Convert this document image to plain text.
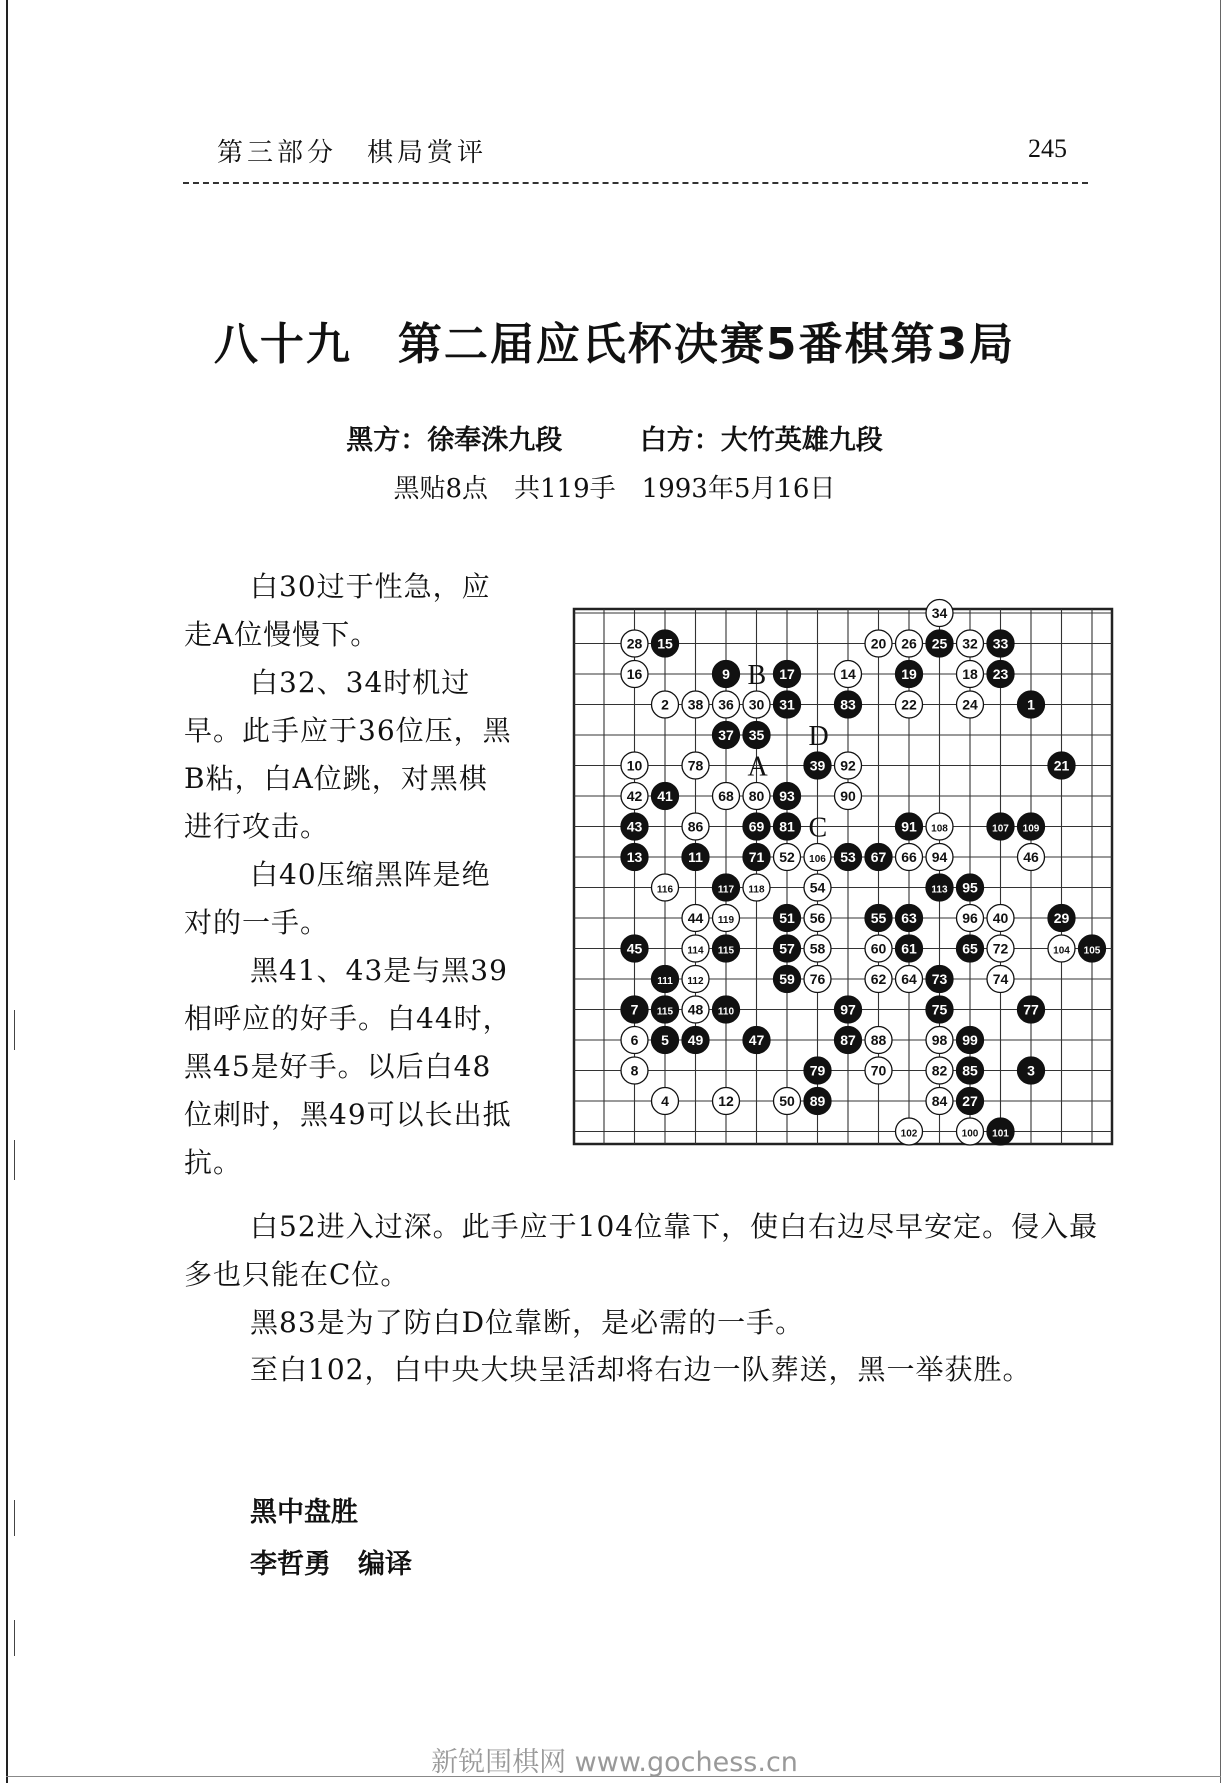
第三部分　棋局赏评	245
八十九　第二届应氏杯决赛5番棋第3局
黑方：徐奉洙九段	白方：大竹英雄九段
黑贴8点　共119手　1993年5月16日
白30过于性急，应走A位慢慢下。
白32、34时机过早。此手应于36位压，黑B粘，白A位跳，对黑棋进行攻击。
白40压缩黑阵是绝对的一手。
黑41、43是与黑39相呼应的好手。白44时，黑45是好手。以后白48位刺时，黑49可以长出抵抗。
白52进入过深。此手应于104位靠下，使白右边尽早安定。侵入最多也只能在C位。
黑83是为了防白D位靠断，是必需的一手。
至白102，白中央大块呈活却将右边一队葬送，黑一举获胜。
黑中盘胜
李哲勇　编译
34
28 15	20 26 25 32 33
16	9	17	14	19	18 23
2 38 36 30 31	83	22	24	1
37 35
10	78	39 92	21
42 41	68 80 93	90
43	86	69 81	91 108	107 109
13	11	71 52 106 53 67 66 94	46
116	117 118	54	113 95
44 119	51 56	55 63	96 40	29
45	114 115	57 58	60 61	65 72	104 105
111 112	59 76	62 64 73	74
7 115 48 110	97	75	77
6 5 49	47	87 88	98 99
8	79	70	82 85	3
4	12	50 89	84 27
102	100 101
A
B
C
D
新锐围棋网 www.gochess.cn
